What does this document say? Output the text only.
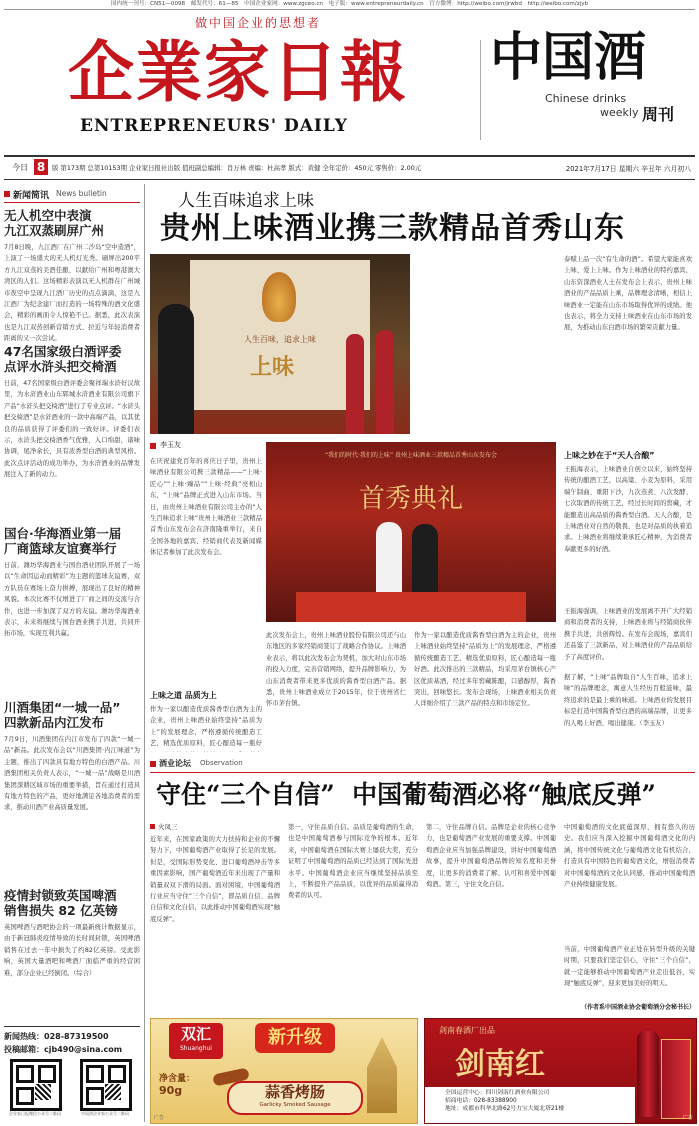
国内统一刊号：CN51—0098　邮发代号：61—85　中国企业家网：www.zgceo.cn　电子版：www.entrepreneurdaily.cn　官方微博：http://weibo.com/jrwbd　http://weibo.com/zjyb
做中国企业的思想者
企業家日報
ENTREPRENEURS' DAILY
中国酒
Chinese drinks
weekly 周刊
今日 8	版 第173期 总第10153期 企业家日报社出版 值班副总编辑：肖万林 责编：杜高孝 版式：黄健 全年定价：450元 零售价：2.00元	2021年7月17日 星期六 辛丑年 六月初八
新闻简讯 News bulletin
无人机空中表演
九江双蒸刷屏广州
7月8日晚，九江酒厂在广州二沙岛“空中造酒”，上演了一场盛大的无人机灯光秀。刷屏出200平方九江双蒸的美酒佳酿，以献给广州和粤港澳大湾区的人们。这场精彩表演以无人机群在广州城市夜空中呈现九江酒厂历史的点点滴滴，这是九江酒厂为纪念建厂而打造的一场特殊的酒文化盛会，精彩的画面令人惊艳不已。据悉，此次表演也是九江双蒸创新营销方式、拉近与年轻消费者距离的又一次尝试。
47名国家级白酒评委
点评水浒头把交椅酒
日前，47名国家级白酒评委会聚祥瑞水浒好汉故里，为水浒酒业山东郓城水浒酒业有限公司旗下产品“水浒头把交椅酒”进行了专业点评。“水浒头把交椅酒”是水浒酒业的一款中高端产品，以其优良的品质获得了评委们的一致好评。评委们表示，水浒头把交椅酒香气优雅，入口绵甜，诸味协调，尾净余长，具有浓香型白酒的典型风格。此次点评活动的成功举办，为水浒酒业的品牌发展注入了新的动力。
国台·华海酒业第一届
厂商篮球友谊赛举行
日前，潍坊华海酒业与国台酒业团队开展了一场以“生命因运动而精彩”为主题的篮球友谊赛，双方队员在赛场上奋力拼搏，展现出了良好的精神风貌。本次比赛不仅增进了厂商之间的交流与合作，也进一步加深了双方的友谊。潍坊华海酒业表示，未来将继续与国台酒业携手共进，共同开拓市场，实现互利共赢。
川酒集团“一城一品”
四款新品内江发布
7月9日，川酒集团在内江市发布了四款“一城一品”新品。此次发布会以“川酒集团·内江味道”为主题，推出了四款具有地方特色的白酒产品。川酒集团相关负责人表示，“一城一品”战略是川酒集团深耕区域市场的重要举措，旨在通过打造具有地方特色的产品，更好地满足各地消费者的需求，推动川酒产业高质量发展。
疫情封锁致英国啤酒
销售损失 82 亿英镑
英国啤酒与酒吧协会的一项最新统计数据显示，由于新冠肺炎疫情导致的长时间封锁，英国啤酒销售在过去一年中损失了约82亿英镑。受此影响，英国大量酒吧和啤酒厂面临严重的经营困难，部分企业已经倒闭。（综合）
新闻热线：028-87319500
投稿邮箱：cjb490@sina.com
企业家日报微信公众号二维码	中国酒企业家公众号二维码
人生百味追求上味
贵州上味酒业携三款精品首秀山东
人生百味，追求上味
上味
“我们的时代·我们的上味” 贵州上味酒业三款精品首秀山东发布会
首秀典礼
李玉友
在庆祝建党百年的喜庆日子里，贵州上味酒业有限公司携三款精品——“上味·匠心”“上味·臻品”“上味·经典”亮相山东，“上味”品牌正式进入山东市场。当日，由贵州上味酒业有限公司主办的“人生百味追求上味”贵州上味酒业三款精品首秀山东发布会在济南隆重举行，来自全国各地的嘉宾、经销商代表及新闻媒体记者参加了此次发布会。
上味之道 品质为上
作为一家以酿造优质酱香型白酒为主的企业，贵州上味酒业始终坚持“品质为上”的发展理念，严格遵循传统酿造工艺，精选优质原料，匠心酿造每一瓶好
此次发布会上，贵州上味酒业股份有限公司还与山东地区的多家经销商签订了战略合作协议。上味酒业表示，将以此次发布会为契机，加大对山东市场的投入力度，完善营销网络，提升品牌影响力，为山东消费者带来更多优质的酱香型白酒产品。据悉，贵州上味酒业成立于2015年，位于贵州省仁怀市茅台镇。
作为一家以酿造优质酱香型白酒为主的企业，贵州上味酒业始终坚持“品质为上”的发展理念，严格遵循传统酿造工艺，精选优质原料，匠心酿造每一瓶好酒。此次推出的三款精品，均采用茅台镇核心产区优质基酒，经过多年窖藏陈酿，口感醇厚，酱香突出，回味悠长。发布会现场，上味酒业相关负责人详细介绍了三款产品的特点和市场定位。
泰赋上品一次“有生命的酒”。希望大家能喜欢上味、爱上上味。作为上味酒业的特约嘉宾，山东资深酒业人士在发布会上表示，贵州上味酒业的产品品质上乘，品牌理念清晰，相信上味酒业一定能在山东市场取得优异的成绩。他也表示，将全力支持上味酒业在山东市场的发展，为推动山东白酒市场的繁荣贡献力量。
上味之妙在于“天人合酿”
王振海表示，上味酒业自创立以来，始终坚持传统的酿酒工艺，以高粱、小麦为原料，采用端午制曲、重阳下沙，九次蒸煮、八次发酵、七次取酒的传统工艺，经过长时间的窖藏，才能酿造出高品质的酱香型白酒。天人合酿，是上味酒业对自然的敬畏，也是对品质的执着追求。上味酒业将继续秉承匠心精神，为消费者奉献更多的好酒。
王振海强调，上味酒业的发展离不开广大经销商和消费者的支持，上味酒业将与经销商伙伴携手共进，共创辉煌。在发布会现场，嘉宾们还品鉴了三款新品，对上味酒业的产品品质给予了高度评价。
据了解，“上味”品牌取自“人生百味，追求上味”的品牌理念，寓意人生经历百般滋味，最终追求的是最上乘的味道。上味酒业的发展目标是打造中国酱香型白酒的高端品牌，让更多的人喝上好酒、喝出健康。（李玉友）
酒业论坛 Observation
守住“三个自信”  中国葡萄酒必将“触底反弹”
火凤三
近年来，在国家政策的大力扶持和企业的不懈努力下，中国葡萄酒产业取得了长足的发展。但是，受国际形势变化、进口葡萄酒冲击等多重因素影响，国产葡萄酒近年来出现了产量和销量双双下滑的局面。面对困境，中国葡萄酒行业应当守住“三个自信”，即品质自信、品牌自信和文化自信，以此推动中国葡萄酒实现“触底反弹”。
第一，守住品质自信。品质是葡萄酒的生命，也是中国葡萄酒参与国际竞争的根本。近年来，中国葡萄酒在国际大赛上屡获大奖，充分证明了中国葡萄酒的品质已经达到了国际先进水平。中国葡萄酒企业应当继续坚持品质至上，不断提升产品品质，以优异的品质赢得消费者的认可。
第二，守住品牌自信。品牌是企业的核心竞争力，也是葡萄酒产业发展的重要支撑。中国葡萄酒企业应当加强品牌建设，讲好中国葡萄酒故事，提升中国葡萄酒品牌的知名度和美誉度，让更多的消费者了解、认可和喜爱中国葡萄酒。第三，守住文化自信。
中国葡萄酒的文化底蕴深厚，拥有悠久的历史。我们应当深入挖掘中国葡萄酒文化的内涵，将中国传统文化与葡萄酒文化有机结合，打造具有中国特色的葡萄酒文化，增强消费者对中国葡萄酒的文化认同感，推动中国葡萄酒产业持续健康发展。
当前，中国葡萄酒产业正处在转型升级的关键时期，只要我们坚定信心，守住“三个自信”，就一定能够推动中国葡萄酒产业走出低谷，实现“触底反弹”，迎来更加美好的明天。
（作者系中国酒业协会葡萄酒分会秘书长）
双汇
Shuanghui
新升级
净含量：
90g	蒜香烤肠
Garlicky Smoked Sausage
广告
剑南春酒厂出品
剑南红
全国运营中心：四川剑南红酒业有限公司
招商电话：028-83388900
地址：成都市科华北路62号力宝大厦北塔21楼
广告
